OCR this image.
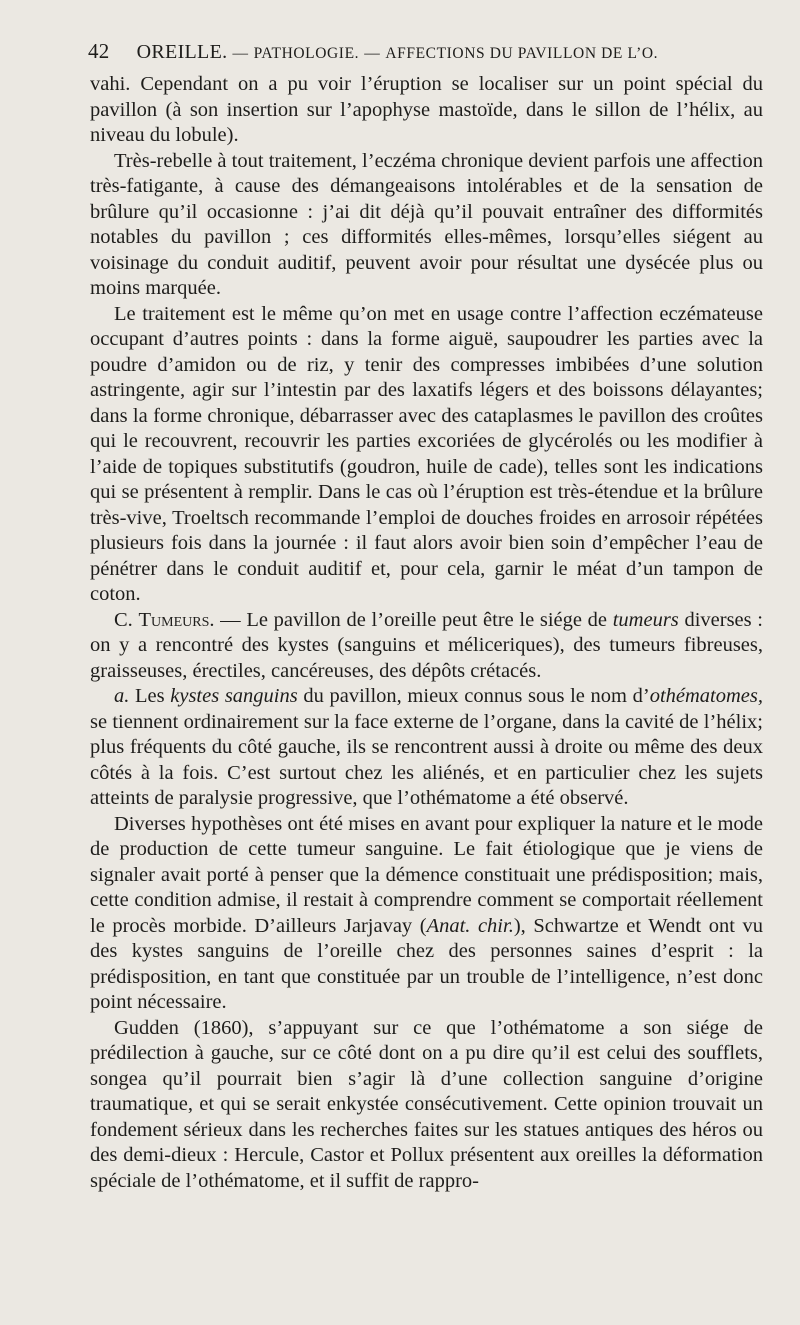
42 OREILLE. — PATHOLOGIE. — AFFECTIONS DU PAVILLON DE L’O.

vahi. Cependant on a pu voir l’éruption se localiser sur un point spécial du pavillon (à son insertion sur l’apophyse mastoïde, dans le sillon de l’hélix, au niveau du lobule).

Très-rebelle à tout traitement, l’eczéma chronique devient parfois une affection très-fatigante, à cause des démangeaisons intolérables et de la sensation de brûlure qu’il occasionne : j’ai dit déjà qu’il pouvait entraîner des difformités notables du pavillon ; ces difformités elles-mêmes, lorsqu’elles siégent au voisinage du conduit auditif, peuvent avoir pour résultat une dysécée plus ou moins marquée.

Le traitement est le même qu’on met en usage contre l’affection eczémateuse occupant d’autres points : dans la forme aiguë, saupoudrer les parties avec la poudre d’amidon ou de riz, y tenir des compresses imbibées d’une solution astringente, agir sur l’intestin par des laxatifs légers et des boissons délayantes; dans la forme chronique, débarrasser avec des cataplasmes le pavillon des croûtes qui le recouvrent, recouvrir les parties excoriées de glycérolés ou les modifier à l’aide de topiques substitutifs (goudron, huile de cade), telles sont les indications qui se présentent à remplir. Dans le cas où l’éruption est très-étendue et la brûlure très-vive, Troeltsch recommande l’emploi de douches froides en arrosoir répétées plusieurs fois dans la journée : il faut alors avoir bien soin d’empêcher l’eau de pénétrer dans le conduit auditif et, pour cela, garnir le méat d’un tampon de coton.

C. Tumeurs. — Le pavillon de l’oreille peut être le siége de tumeurs diverses : on y a rencontré des kystes (sanguins et méliceriques), des tumeurs fibreuses, graisseuses, érectiles, cancéreuses, des dépôts crétacés.

a. Les kystes sanguins du pavillon, mieux connus sous le nom d’othématomes, se tiennent ordinairement sur la face externe de l’organe, dans la cavité de l’hélix; plus fréquents du côté gauche, ils se rencontrent aussi à droite ou même des deux côtés à la fois. C’est surtout chez les aliénés, et en particulier chez les sujets atteints de paralysie progressive, que l’othématome a été observé.

Diverses hypothèses ont été mises en avant pour expliquer la nature et le mode de production de cette tumeur sanguine. Le fait étiologique que je viens de signaler avait porté à penser que la démence constituait une prédisposition; mais, cette condition admise, il restait à comprendre comment se comportait réellement le procès morbide. D’ailleurs Jarjavay (Anat. chir.), Schwartze et Wendt ont vu des kystes sanguins de l’oreille chez des personnes saines d’esprit : la prédisposition, en tant que constituée par un trouble de l’intelligence, n’est donc point nécessaire.

Gudden (1860), s’appuyant sur ce que l’othématome a son siége de prédilection à gauche, sur ce côté dont on a pu dire qu’il est celui des soufflets, songea qu’il pourrait bien s’agir là d’une collection sanguine d’origine traumatique, et qui se serait enkystée consécutivement. Cette opinion trouvait un fondement sérieux dans les recherches faites sur les statues antiques des héros ou des demi-dieux : Hercule, Castor et Pollux présentent aux oreilles la déformation spéciale de l’othématome, et il suffit de rappro-
